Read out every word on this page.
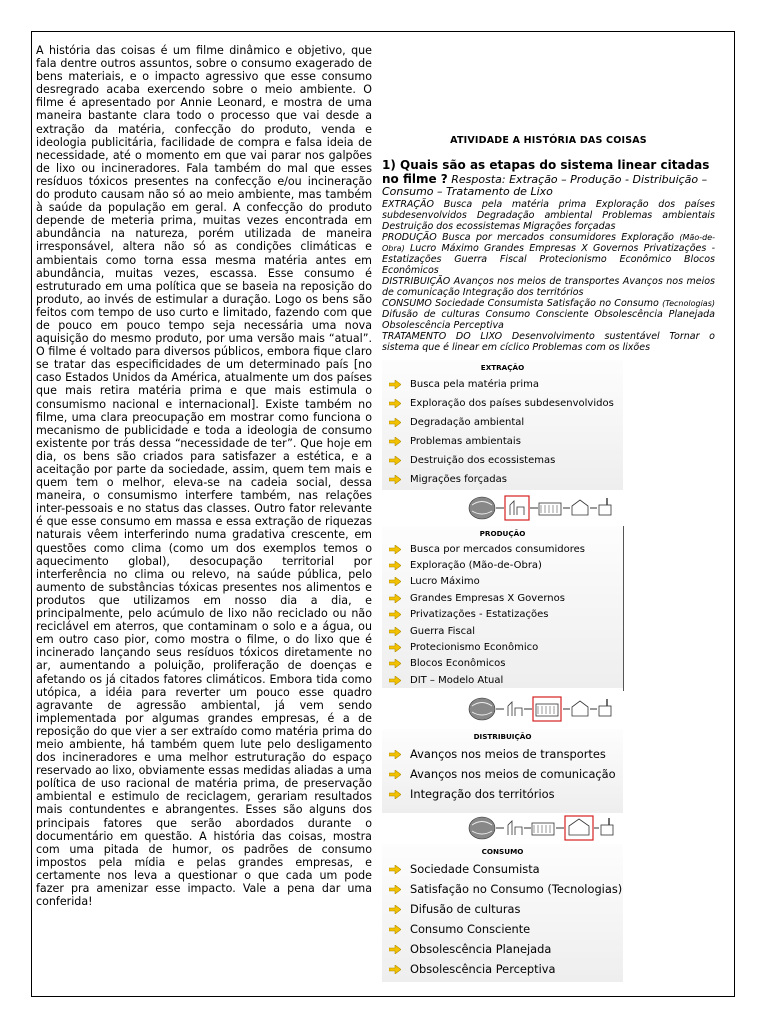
A história das coisas é um filme dinâmico e objetivo, que fala dentre outros assuntos, sobre o consumo exagerado de bens materiais, e o impacto agressivo que esse consumo desregrado acaba exercendo sobre o meio ambiente. O filme é apresentado por Annie Leonard, e mostra de uma maneira bastante clara todo o processo que vai desde a extração da matéria, confecção do produto, venda e ideologia publicitária, facilidade de compra e falsa ideia de necessidade, até o momento em que vai parar nos galpões de lixo ou incineradores. Fala também do mal que esses resíduos tóxicos presentes na confecção e/ou incineração do produto causam não só ao meio ambiente, mas também à saúde da população em geral. A confecção do produto depende de meteria prima, muitas vezes encontrada em abundância na natureza, porém utilizada de maneira irresponsável, altera não só as condições climáticas e ambientais como torna essa mesma matéria antes em abundância, muitas vezes, escassa. Esse consumo é estruturado em uma política que se baseia na reposição do produto, ao invés de estimular a duração. Logo os bens são feitos com tempo de uso curto e limitado, fazendo com que de pouco em pouco tempo seja necessária uma nova aquisição do mesmo produto, por uma versão mais “atual”. O filme é voltado para diversos públicos, embora fique claro se tratar das especificidades de um determinado país [no caso Estados Unidos da América, atualmente um dos países que mais retira matéria prima e que mais estimula o consumismo nacional e internacional]. Existe também no filme, uma clara preocupação em mostrar como funciona o mecanismo de publicidade e toda a ideologia de consumo existente por trás dessa “necessidade de ter”. Que hoje em dia, os bens são criados para satisfazer a estética, e a aceitação por parte da sociedade, assim, quem tem mais e quem tem o melhor, eleva-se na cadeia social, dessa maneira, o consumismo interfere também, nas relações inter-pessoais e no status das classes. Outro fator relevante é que esse consumo em massa e essa extração de riquezas naturais vêem interferindo numa gradativa crescente, em questões como clima (como um dos exemplos temos o aquecimento global), desocupação territorial por interferência no clima ou relevo, na saúde pública, pelo aumento de substâncias tóxicas presentes nos alimentos e produtos que utilizamos em nosso dia a dia, e principalmente, pelo acúmulo de lixo não reciclado ou não reciclável em aterros, que contaminam o solo e a água, ou em outro caso pior, como mostra o filme, o do lixo que é incinerado lançando seus resíduos tóxicos diretamente no ar, aumentando a poluição, proliferação de doenças e afetando os já citados fatores climáticos. Embora tida como utópica, a idéia para reverter um pouco esse quadro agravante de agressão ambiental, já vem sendo implementada por algumas grandes empresas, é a de reposição do que vier a ser extraído como matéria prima do meio ambiente, há também quem lute pelo desligamento dos incineradores e uma melhor estruturação do espaço reservado ao lixo, obviamente essas medidas aliadas a uma política de uso racional de matéria prima, de preservação ambiental e estimulo de reciclagem, gerariam resultados mais contundentes e abrangentes. Esses são alguns dos principais fatores que serão abordados durante o documentário em questão. A história das coisas, mostra com uma pitada de humor, os padrões de consumo impostos pela mídia e pelas grandes empresas, e certamente nos leva a questionar o que cada um pode fazer pra amenizar esse impacto. Vale a pena dar uma conferida!
ATIVIDADE A HISTÓRIA DAS COISAS

1) Quais são as etapas do sistema linear citadas no filme ? Resposta: Extração – Produção - Distribuição – Consumo – Tratamento de Lixo

EXTRAÇÃO Busca pela matéria prima Exploração dos países subdesenvolvidos Degradação ambiental Problemas ambientais Destruição dos ecossistemas Migrações forçadas

PRODUÇÃO Busca por mercados consumidores Exploração (Mão-de-Obra) Lucro Máximo Grandes Empresas X Governos Privatizações - Estatizações Guerra Fiscal Protecionismo Econômico Blocos Econômicos

DISTRIBUIÇÃO Avanços nos meios de transportes Avanços nos meios de comunicação Integração dos territórios

CONSUMO Sociedade Consumista Satisfação no Consumo (Tecnologias) Difusão de culturas Consumo Consciente Obsolescência Planejada Obsolescência Perceptiva

TRATAMENTO DO LIXO Desenvolvimento sustentável Tornar o sistema que é linear em cíclico Problemas com os lixões

EXTRAÇÃO
Busca pela matéria prima
Exploração dos países subdesenvolvidos
Degradação ambiental
Problemas ambientais
Destruição dos ecossistemas
Migrações forçadas
PRODUÇÃO
Busca por mercados consumidores
Exploração (Mão-de-Obra)
Lucro Máximo
Grandes Empresas X Governos
Privatizações - Estatizações
Guerra Fiscal
Protecionismo Econômico
Blocos Econômicos
DIT – Modelo Atual
DISTRIBUIÇÃO
Avanços nos meios de transportes
Avanços nos meios de comunicação
Integração dos territórios
CONSUMO
Sociedade Consumista
Satisfação no Consumo (Tecnologias)
Difusão de culturas
Consumo Consciente
Obsolescência Planejada
Obsolescência Perceptiva
